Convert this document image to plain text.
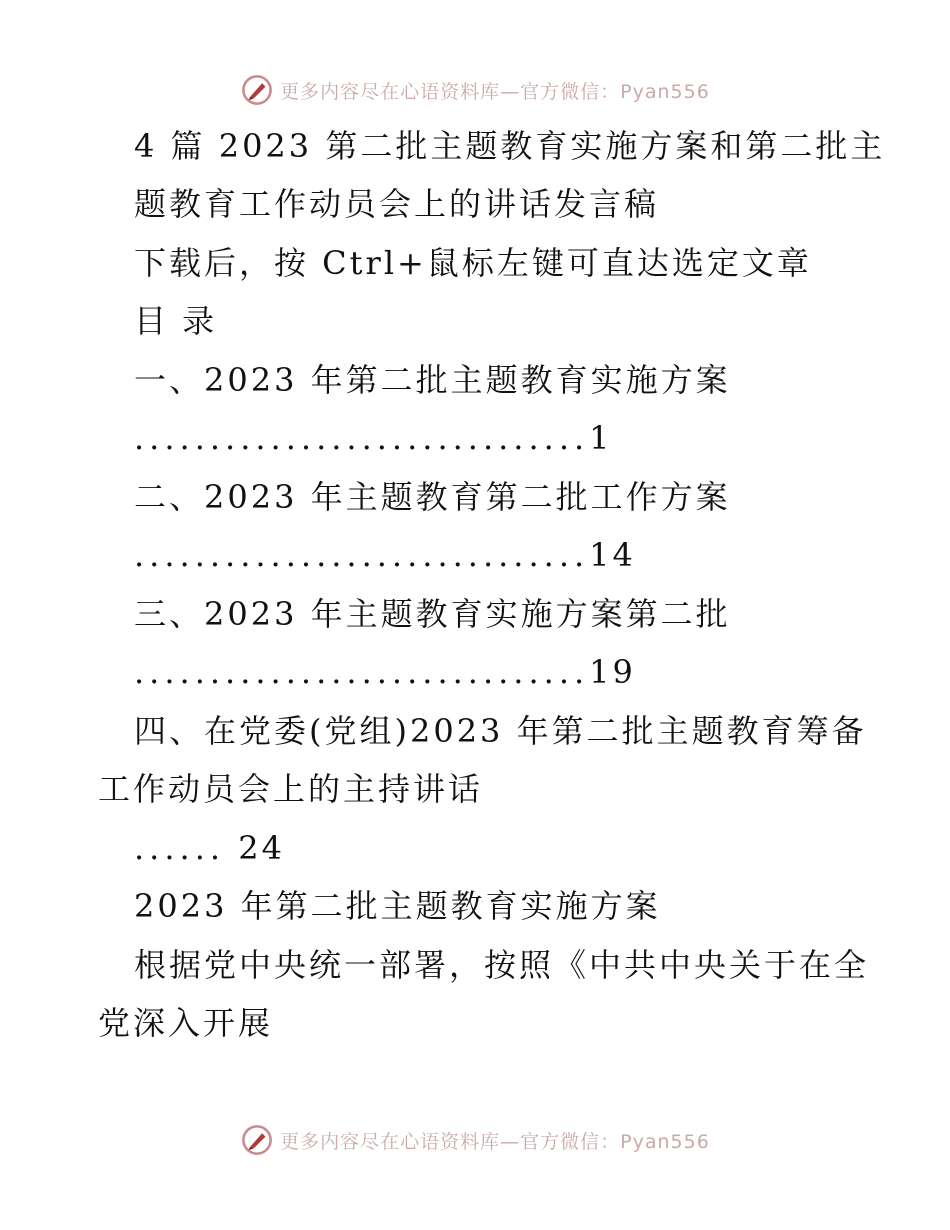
更多内容尽在心语资料库—官方微信：Pyan556
4 篇 2023 第二批主题教育实施方案和第二批主
题教育工作动员会上的讲话发言稿
下载后，按 Ctrl+鼠标左键可直达选定文章
目 录
一、2023 年第二批主题教育实施方案
..............................1
二、2023 年主题教育第二批工作方案
..............................14
三、2023 年主题教育实施方案第二批
..............................19
四、在党委(党组)2023 年第二批主题教育筹备
工作动员会上的主持讲话
...... 24
2023 年第二批主题教育实施方案
根据党中央统一部署，按照《中共中央关于在全
党深入开展
更多内容尽在心语资料库—官方微信：Pyan556
